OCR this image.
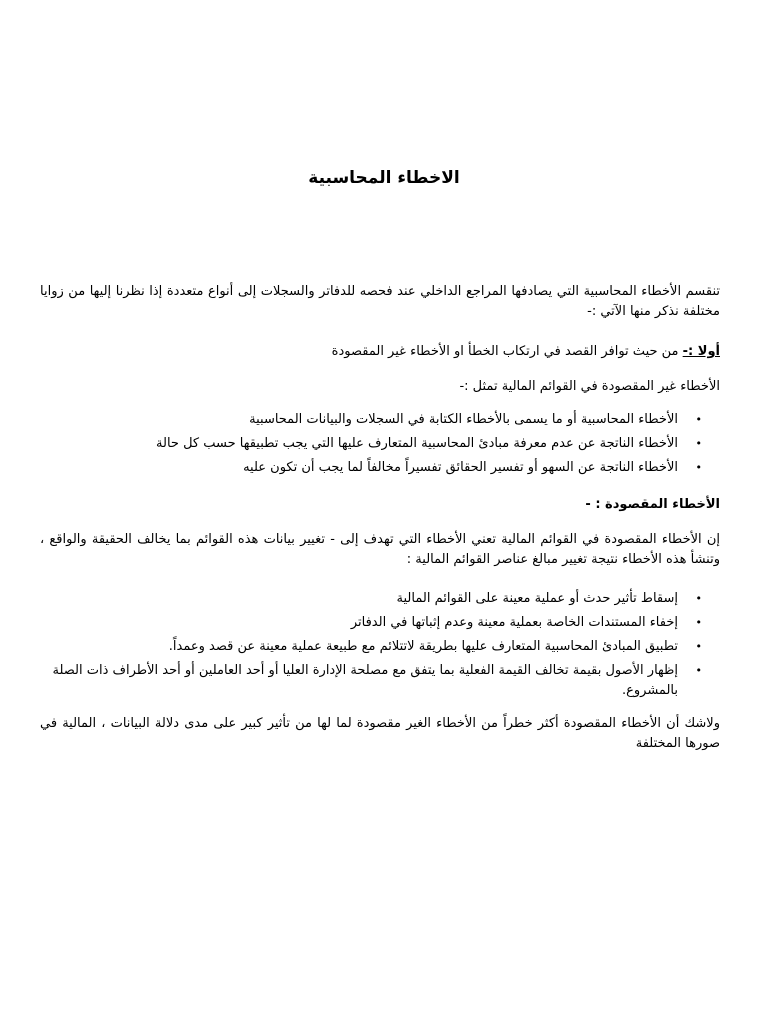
الاخطاء المحاسبية

تنقسم الأخطاء المحاسبية التي يصادفها المراجع الداخلي عند فحصه للدفاتر والسجلات إلى أنواع متعددة إذا نظرنا إليها من زوايا مختلفة نذكر منها الآتي :-

أولا :- من حيث توافر القصد في ارتكاب الخطأ او الأخطاء غير المقصودة

الأخطاء غير المقصودة في القوائم المالية تمثل :-

•
الأخطاء المحاسبية أو ما يسمى بالأخطاء الكتابة في السجلات والبيانات المحاسبية
•
الأخطاء الناتجة عن عدم معرفة مبادئ المحاسبية المتعارف عليها التي يجب تطبيقها حسب كل حالة
•
الأخطاء الناتجة عن السهو أو تفسير الحقائق تفسيراً مخالفاً لما يجب أن تكون عليه

الأخطاء المقصودة : -

إن الأخطاء المقصودة في القوائم المالية تعني الأخطاء التي تهدف إلى - تغيير بيانات هذه القوائم بما يخالف الحقيقة والواقع ، وتنشأ هذه الأخطاء نتيجة تغيير مبالغ عناصر القوائم المالية :

•
إسقاط تأثير حدث أو عملية معينة على القوائم المالية
•
إخفاء المستندات الخاصة بعملية معينة وعدم إثباتها في الدفاتر
•
تطبيق المبادئ المحاسبية المتعارف عليها بطريقة لاتتلائم مع طبيعة عملية معينة عن قصد وعمداً.
•
إظهار الأصول بقيمة تخالف القيمة الفعلية بما يتفق مع مصلحة الإدارة العليا أو أحد العاملين أو أحد الأطراف ذات الصلة بالمشروع.

ولاشك أن الأخطاء المقصودة أكثر خطراً من الأخطاء الغير مقصودة لما لها من تأثير كبير على مدى دلالة البيانات ، المالية في صورها المختلفة
